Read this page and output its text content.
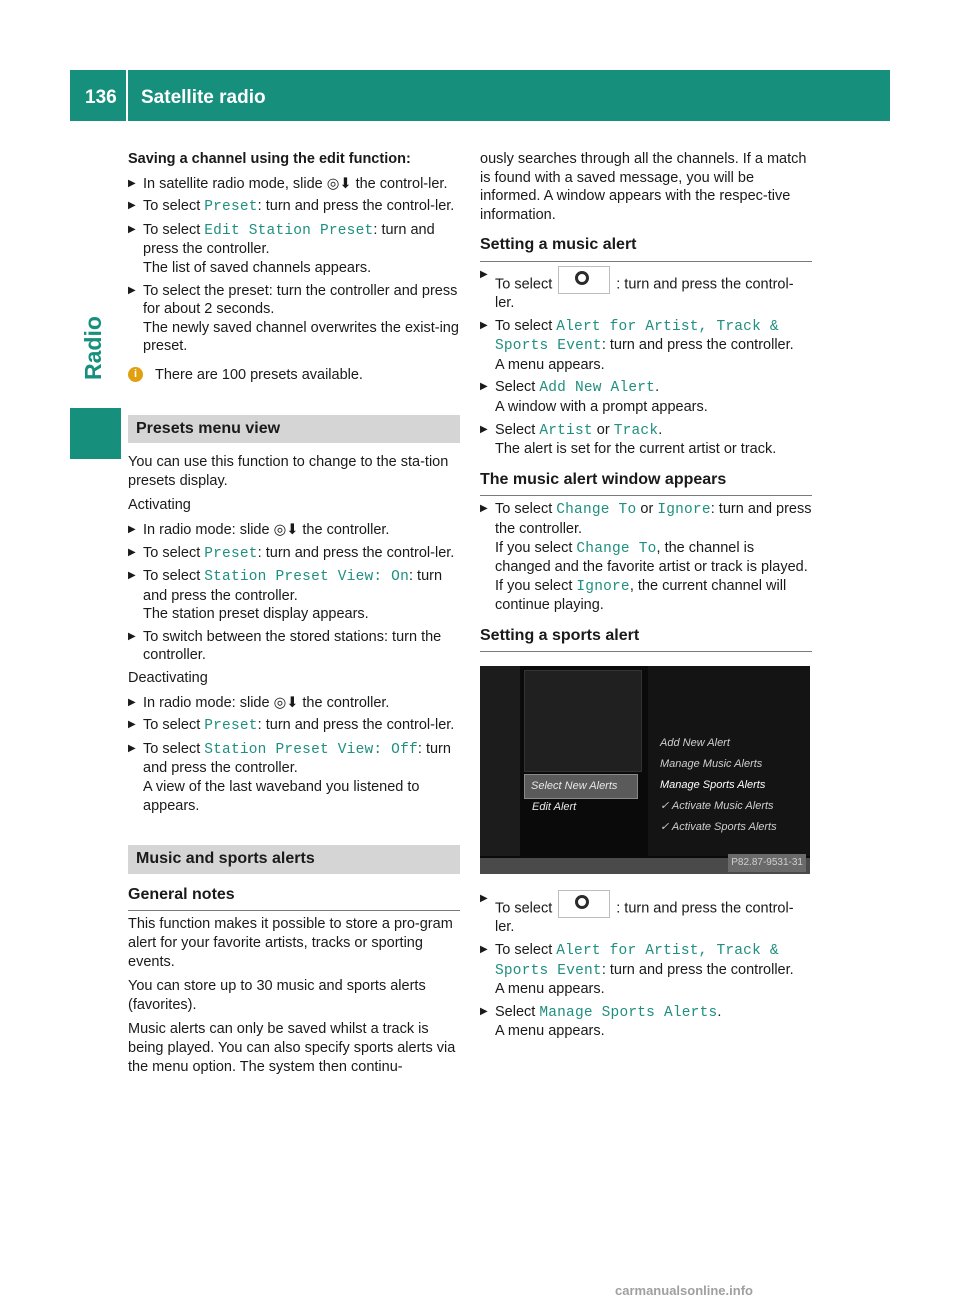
136 Satellite radio
Radio

Saving a channel using the edit function:

▶ In satellite radio mode, slide ◎⬇ the control-ler.
▶ To select Preset: turn and press the control-ler.
▶ To select Edit Station Preset: turn and press the controller.
The list of saved channels appears.
▶ To select the preset: turn the controller and press for about 2 seconds.
The newly saved channel overwrites the exist-ing preset.
i	There are 100 presets available.
Presets menu view

You can use this function to change to the sta-tion presets display.

Activating

▶ In radio mode: slide ◎⬇ the controller.
▶ To select Preset: turn and press the control-ler.
▶ To select Station Preset View: On: turn and press the controller.
The station preset display appears.
▶ To switch between the stored stations: turn the controller.

Deactivating

▶ In radio mode: slide ◎⬇ the controller.
▶ To select Preset: turn and press the control-ler.
▶ To select Station Preset View: Off: turn and press the controller.
A view of the last waveband you listened to appears.
Music and sports alerts
General notes

This function makes it possible to store a pro-gram alert for your favorite artists, tracks or sporting events.

You can store up to 30 music and sports alerts (favorites).

Music alerts can only be saved whilst a track is being played. You can also specify sports alerts via the menu option. The system then continu-

ously searches through all the channels. If a match is found with a saved message, you will be informed. A window appears with the respec-tive information.

Setting a music alert
▶
To select	: turn and press the control-ler.
▶ To select Alert for Artist, Track & Sports Event: turn and press the controller.
A menu appears.
▶ Select Add New Alert.
A window with a prompt appears.
▶ Select Artist or Track.
The alert is set for the current artist or track.
The music alert window appears
▶ To select Change To or Ignore: turn and press the controller.
If you select Change To, the channel is changed and the favorite artist or track is played.
If you select Ignore, the current channel will continue playing.
Setting a sports alert
Select New Alerts
Edit Alert
Add New Alert
Manage Music Alerts
Manage Sports Alerts
✓ Activate Music Alerts
✓ Activate Sports Alerts
P82.87-9531-31
▶
To select	: turn and press the control-ler.
▶ To select Alert for Artist, Track & Sports Event: turn and press the controller.
A menu appears.
▶ Select Manage Sports Alerts.
A menu appears.
carmanualsonline.info
